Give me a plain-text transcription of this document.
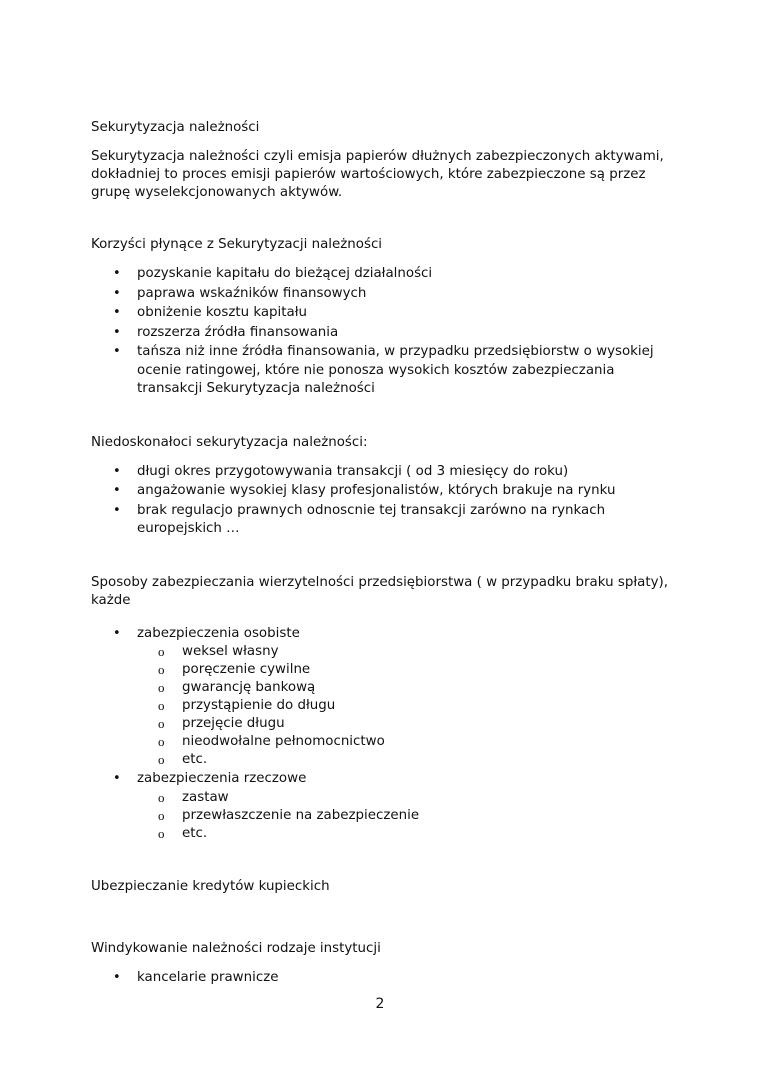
Sekurytyzacja należności

Sekurytyzacja należności czyli emisja papierów dłużnych zabezpieczonych aktywami, dokładniej to proces emisji papierów wartościowych, które zabezpieczone są przez grupę wyselekcjonowanych aktywów.

Korzyści płynące z Sekurytyzacji należności

• pozyskanie kapitału do bieżącej działalności
• paprawa wskaźników finansowych
• obniżenie kosztu kapitału
• rozszerza źródła finansowania
• tańsza niż inne źródła finansowania, w przypadku przedsiębiorstw o wysokiej ocenie ratingowej, które nie ponosza wysokich kosztów zabezpieczania transakcji Sekurytyzacja należności

Niedoskonałoci sekurytyzacja należności:

• długi okres przygotowywania transakcji ( od 3 miesięcy do roku)
• angażowanie wysokiej klasy profesjonalistów, których brakuje na rynku
• brak regulacjo prawnych odnoscnie tej transakcji zarówno na rynkach europejskich …

Sposoby zabezpieczania wierzytelności przedsiębiorstwa ( w przypadku braku spłaty), każde

• zabezpieczenia osobiste
o weksel własny
o poręczenie cywilne
o gwarancję bankową
o przystąpienie do długu
o przejęcie długu
o nieodwołalne pełnomocnictwo
o etc.
• zabezpieczenia rzeczowe
o zastaw
o przewłaszczenie na zabezpieczenie
o etc.

Ubezpieczanie kredytów kupieckich

Windykowanie należności rodzaje instytucji

• kancelarie prawnicze
2
